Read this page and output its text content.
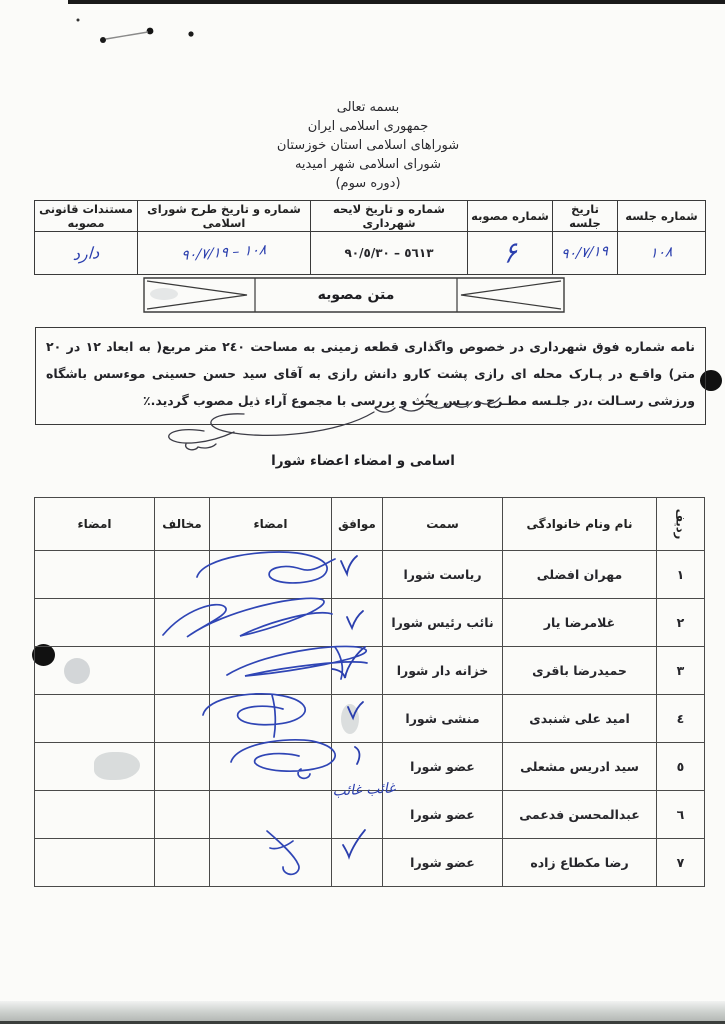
بسمه تعالی
جمهوری اسلامی ایران
شوراهای اسلامی استان خوزستان
شورای اسلامی شهر امیدیه
(دوره سوم)
شماره جلسه	تاریخ جلسه	شماره مصوبه	شماره و تاریخ لایحه شهرداری	شماره و تاریخ طرح شورای اسلامی	مستندات قانونی مصوبه
١٠٨	٩٠/٧/١٩	۶	٥٦١٣ – ٩٠/٥/٣٠	١٠٨ – ٩٠/٧/١٩	دارد
متن مصوبه

نامه شماره فوق شهرداری در خصوص واگذاری قطعه زمینی به مساحت ٢٤٠ متر مربع( به ابعاد ١٢ در ٢٠ متر) واقـع در پـارک محله ای رازی پشت کارو دانش رازی به آقای سید حسن حسینی موءسس باشگاه ورزشی رسـالت ،در جلـسه مطـرح و پـس بحث و بررسی با مجموع آراء ذیل مصوب گردید.٪

اسامی و امضاء اعضاء شورا
ردیف	نام ونام خانوادگی	سمت	موافق	امضاء	مخالف	امضاء
١	مهران افضلی	ریاست شورا				
٢	غلامرضا یار	نائب رئیس شورا				
٣	حمیدرضا باقری	خزانه دار شورا				
٤	امید علی شنبدی	منشی شورا				
٥	سید ادریس مشعلی	عضو شورا				
٦	عبدالمحسن فدعمی	عضو شورا				
٧	رضا مکطاع زاده	عضو شورا				
غائب غائب
